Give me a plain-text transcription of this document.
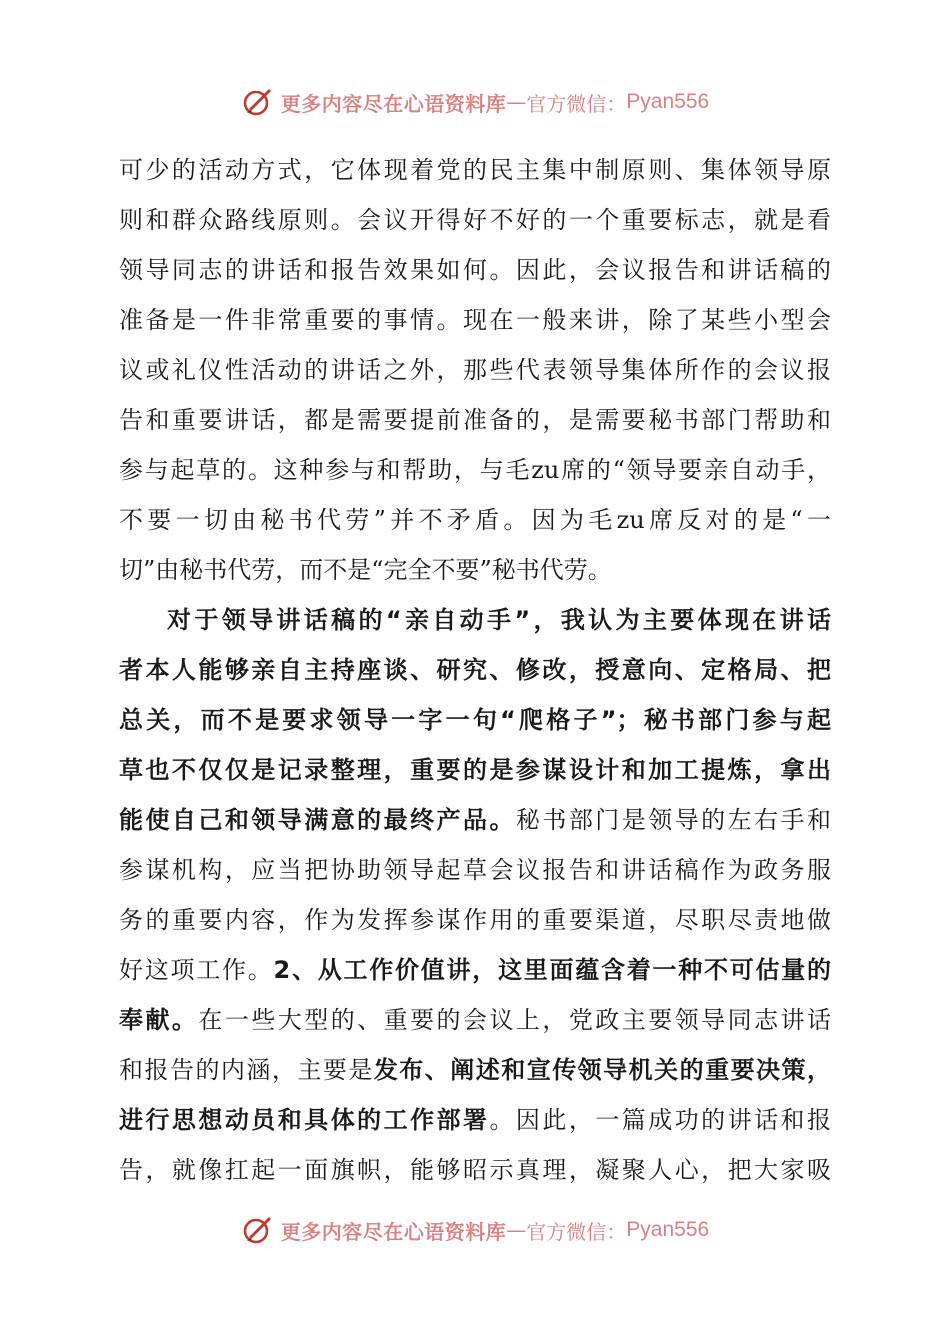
更多内容尽在心语资料库 — 官方微信： Pyan556
可少的活动方式，它体现着党的民主集中制原则、集体领导原
则和群众路线原则。会议开得好不好的一个重要标志，就是看
领导同志的讲话和报告效果如何。因此，会议报告和讲话稿的
准备是一件非常重要的事情。现在一般来讲，除了某些小型会
议或礼仪性活动的讲话之外，那些代表领导集体所作的会议报
告和重要讲话，都是需要提前准备的，是需要秘书部门帮助和
参与起草的。这种参与和帮助，与毛zu席的“领导要亲自动手，
不要一切由秘书代劳”并不矛盾。因为毛zu席反对的是“一
切”由秘书代劳，而不是“完全不要”秘书代劳。
对于领导讲话稿的“亲自动手”，我认为主要体现在讲话
者本人能够亲自主持座谈、研究、修改，授意向、定格局、把
总关，而不是要求领导一字一句“爬格子”；秘书部门参与起
草也不仅仅是记录整理，重要的是参谋设计和加工提炼，拿出
能使自己和领导满意的最终产品。秘书部门是领导的左右手和
参谋机构，应当把协助领导起草会议报告和讲话稿作为政务服
务的重要内容，作为发挥参谋作用的重要渠道，尽职尽责地做
好这项工作。2、从工作价值讲，这里面蕴含着一种不可估量的
奉献。在一些大型的、重要的会议上，党政主要领导同志讲话
和报告的内涵，主要是发布、阐述和宣传领导机关的重要决策，
进行思想动员和具体的工作部署。因此，一篇成功的讲话和报
告，就像扛起一面旗帜，能够昭示真理，凝聚人心，把大家吸
更多内容尽在心语资料库 — 官方微信： Pyan556
